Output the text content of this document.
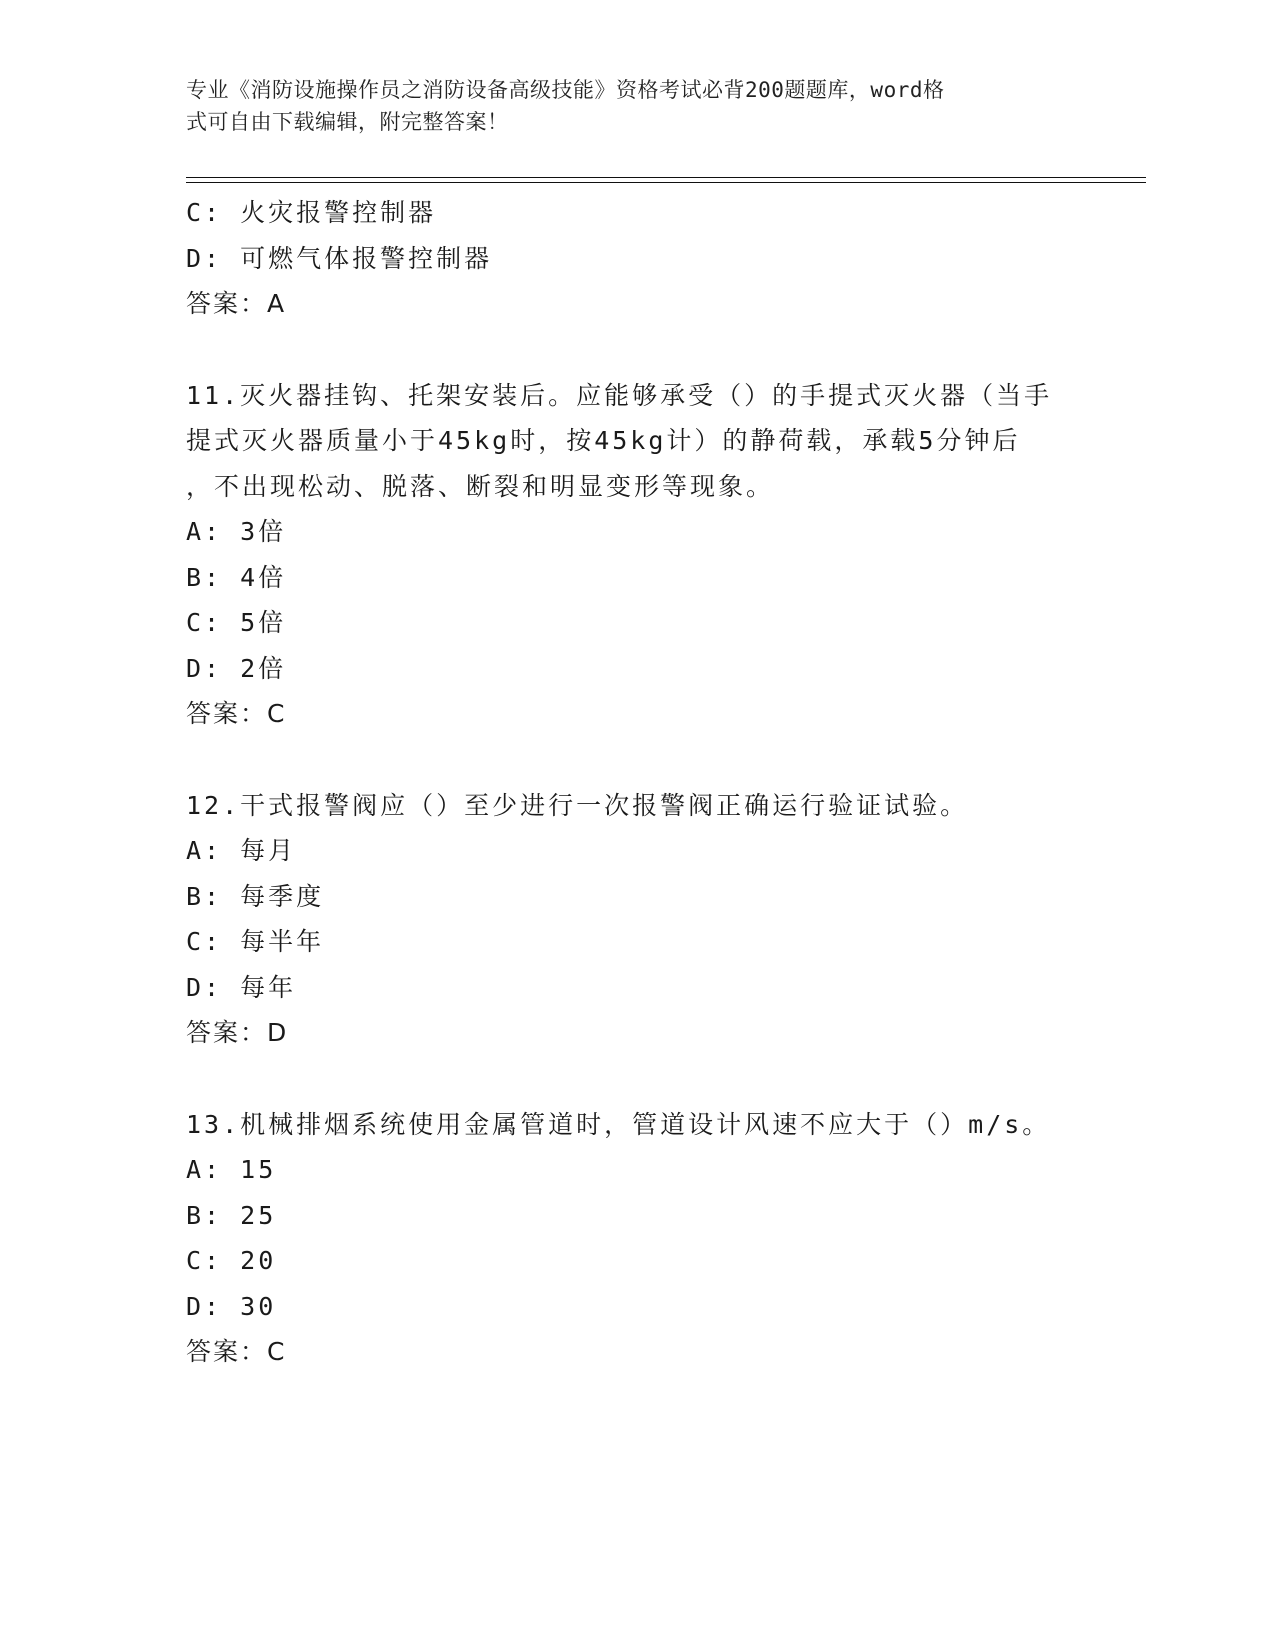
专业《消防设施操作员之消防设备高级技能》资格考试必背200题题库，word格
式可自由下载编辑，附完整答案！
C: 火灾报警控制器
D: 可燃气体报警控制器
答案：A
11.灭火器挂钩、托架安装后。应能够承受（）的手提式灭火器（当手
提式灭火器质量小于45kg时，按45kg计）的静荷载，承载5分钟后
，不出现松动、脱落、断裂和明显变形等现象。
A: 3倍
B: 4倍
C: 5倍
D: 2倍
答案：C
12.干式报警阀应（）至少进行一次报警阀正确运行验证试验。
A: 每月
B: 每季度
C: 每半年
D: 每年
答案：D
13.机械排烟系统使用金属管道时，管道设计风速不应大于（）m/s。
A: 15
B: 25
C: 20
D: 30
答案：C
